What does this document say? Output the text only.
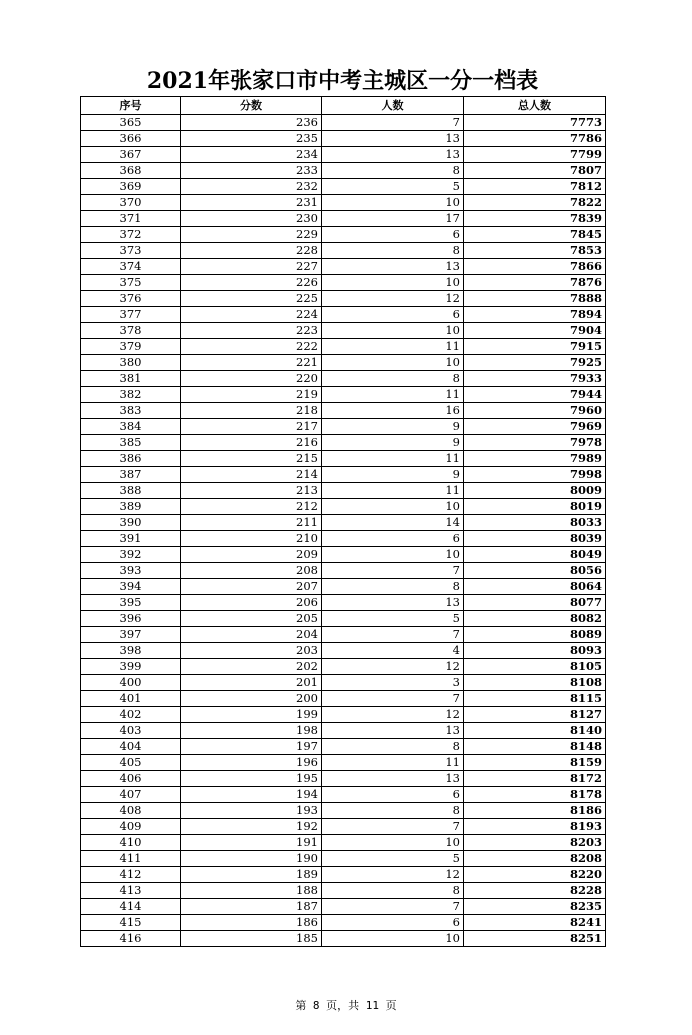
2021年张家口市中考主城区一分一档表
序号	分数	人数	总人数
365	236	7	7773
366	235	13	7786
367	234	13	7799
368	233	8	7807
369	232	5	7812
370	231	10	7822
371	230	17	7839
372	229	6	7845
373	228	8	7853
374	227	13	7866
375	226	10	7876
376	225	12	7888
377	224	6	7894
378	223	10	7904
379	222	11	7915
380	221	10	7925
381	220	8	7933
382	219	11	7944
383	218	16	7960
384	217	9	7969
385	216	9	7978
386	215	11	7989
387	214	9	7998
388	213	11	8009
389	212	10	8019
390	211	14	8033
391	210	6	8039
392	209	10	8049
393	208	7	8056
394	207	8	8064
395	206	13	8077
396	205	5	8082
397	204	7	8089
398	203	4	8093
399	202	12	8105
400	201	3	8108
401	200	7	8115
402	199	12	8127
403	198	13	8140
404	197	8	8148
405	196	11	8159
406	195	13	8172
407	194	6	8178
408	193	8	8186
409	192	7	8193
410	191	10	8203
411	190	5	8208
412	189	12	8220
413	188	8	8228
414	187	7	8235
415	186	6	8241
416	185	10	8251
第 8 页，共 11 页
